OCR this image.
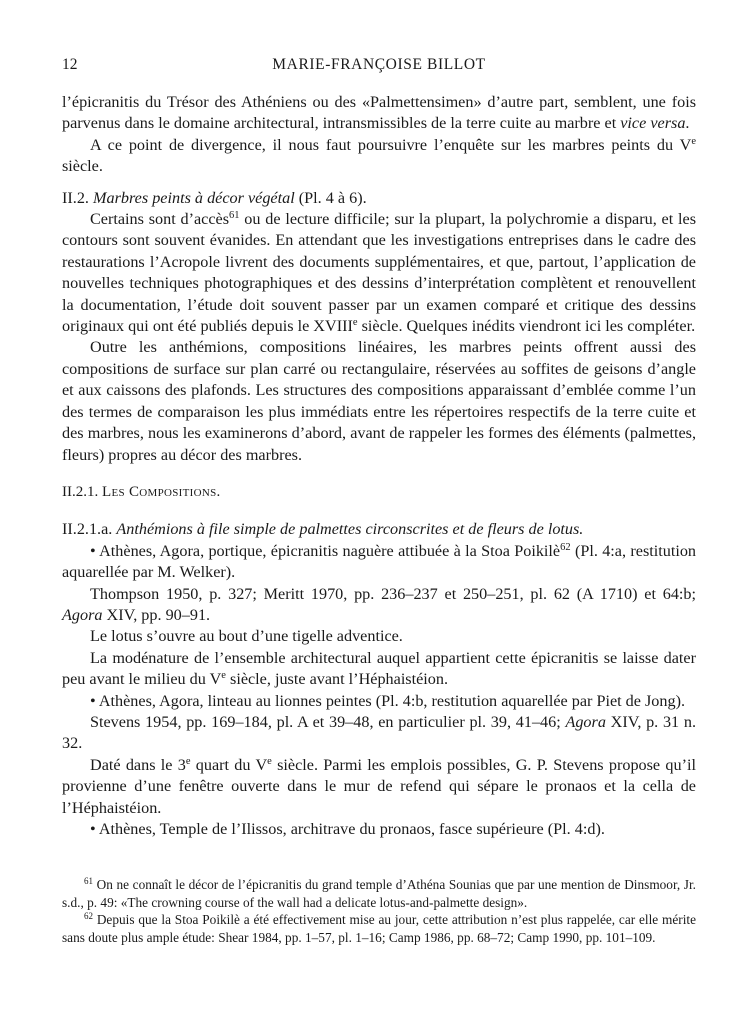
12	MARIE-FRANÇOISE BILLOT

l’épicranitis du Trésor des Athéniens ou des «Palmettensimen» d’autre part, semblent, une fois parvenus dans le domaine architectural, intransmissibles de la terre cuite au marbre et vice versa.

A ce point de divergence, il nous faut poursuivre l’enquête sur les marbres peints du Ve siècle.

II.2. Marbres peints à décor végétal (Pl. 4 à 6).

Certains sont d’accès$^{61}$ ou de lecture difficile; sur la plupart, la polychromie a disparu, et les contours sont souvent évanides. En attendant que les investigations entreprises dans le cadre des restaurations l’Acropole livrent des documents supplémentaires, et que, partout, l’application de nouvelles techniques photographiques et des dessins d’interprétation complètent et renouvellent la documentation, l’étude doit souvent passer par un examen comparé et critique des dessins originaux qui ont été publiés depuis le XVIIIe siècle. Quelques inédits viendront ici les compléter.

Outre les anthémions, compositions linéaires, les marbres peints offrent aussi des compositions de surface sur plan carré ou rectangulaire, réservées au soffites de geisons d’angle et aux caissons des plafonds. Les structures des compositions apparaissant d’emblée comme l’un des termes de comparaison les plus immédiats entre les répertoires respectifs de la terre cuite et des marbres, nous les examinerons d’abord, avant de rappeler les formes des éléments (palmettes, fleurs) propres au décor des marbres.

II.2.1. Les Compositions.

II.2.1.a. Anthémions à file simple de palmettes circonscrites et de fleurs de lotus.

• Athènes, Agora, portique, épicranitis naguère attibuée à la Stoa Poikilè$^{62}$ (Pl. 4:a, restitution aquarellée par M. Welker).

Thompson 1950, p. 327; Meritt 1970, pp. 236–237 et 250–251, pl. 62 (A 1710) et 64:b; Agora XIV, pp. 90–91.

Le lotus s’ouvre au bout d’une tigelle adventice.

La modénature de l’ensemble architectural auquel appartient cette épicranitis se laisse dater peu avant le milieu du Ve siècle, juste avant l’Héphaistéion.

• Athènes, Agora, linteau au lionnes peintes (Pl. 4:b, restitution aquarellée par Piet de Jong).

Stevens 1954, pp. 169–184, pl. A et 39–48, en particulier pl. 39, 41–46; Agora XIV, p. 31 n. 32.

Daté dans le 3e quart du Ve siècle. Parmi les emplois possibles, G. P. Stevens propose qu’il provienne d’une fenêtre ouverte dans le mur de refend qui sépare le pronaos et la cella de l’Héphaistéion.

• Athènes, Temple de l’Ilissos, architrave du pronaos, fasce supérieure (Pl. 4:d).

$^{61}$ On ne connaît le décor de l’épicranitis du grand temple d’Athéna Sounias que par une mention de Dinsmoor, Jr. s.d., p. 49: «The crowning course of the wall had a delicate lotus-and-palmette design».

$^{62}$ Depuis que la Stoa Poikilè a été effectivement mise au jour, cette attribution n’est plus rappelée, car elle mérite sans doute plus ample étude: Shear 1984, pp. 1–57, pl. 1–16; Camp 1986, pp. 68–72; Camp 1990, pp. 101–109.
